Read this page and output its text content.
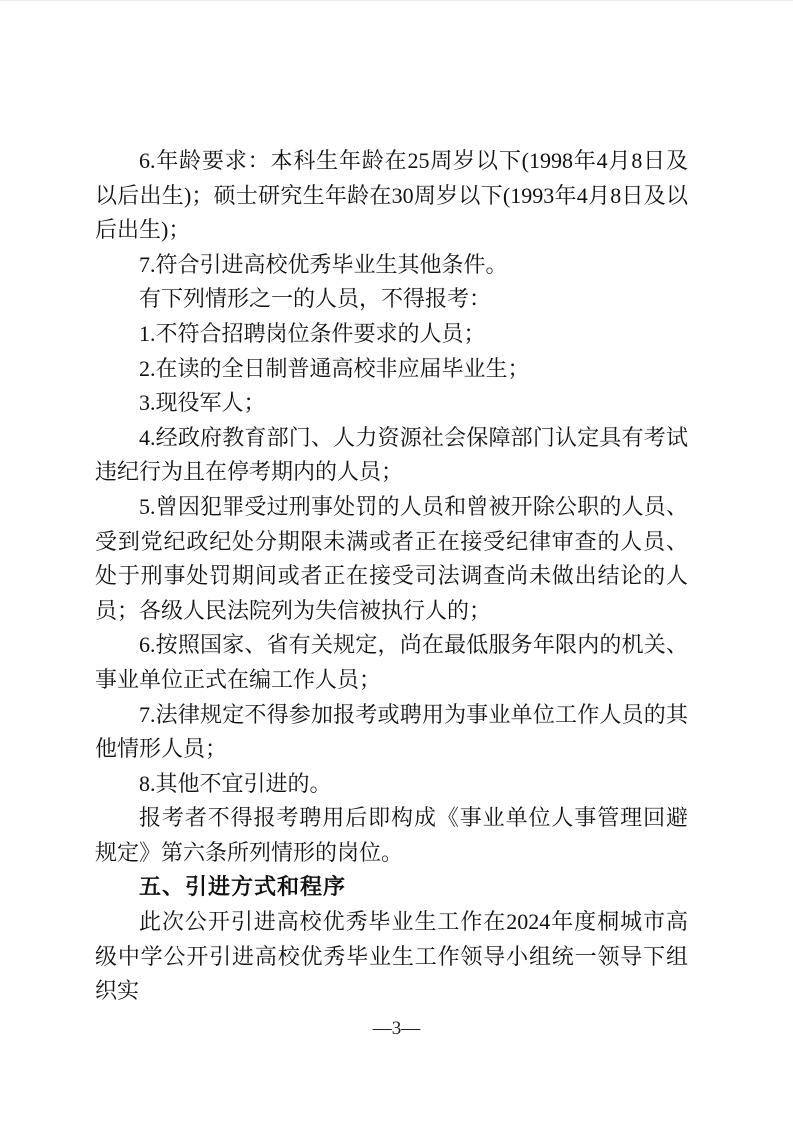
6.年龄要求：本科生年龄在25周岁以下(1998年4月8日及以后出生)；硕士研究生年龄在30周岁以下(1993年4月8日及以后出生)；

7.符合引进高校优秀毕业生其他条件。

有下列情形之一的人员，不得报考：

1.不符合招聘岗位条件要求的人员；

2.在读的全日制普通高校非应届毕业生；

3.现役军人；

4.经政府教育部门、人力资源社会保障部门认定具有考试违纪行为且在停考期内的人员；

5.曾因犯罪受过刑事处罚的人员和曾被开除公职的人员、受到党纪政纪处分期限未满或者正在接受纪律审查的人员、处于刑事处罚期间或者正在接受司法调查尚未做出结论的人员；各级人民法院列为失信被执行人的；

6.按照国家、省有关规定，尚在最低服务年限内的机关、事业单位正式在编工作人员；

7.法律规定不得参加报考或聘用为事业单位工作人员的其他情形人员；

8.其他不宜引进的。

报考者不得报考聘用后即构成《事业单位人事管理回避规定》第六条所列情形的岗位。

五、引进方式和程序

此次公开引进高校优秀毕业生工作在2024年度桐城市高级中学公开引进高校优秀毕业生工作领导小组统一领导下组织实

—3—
